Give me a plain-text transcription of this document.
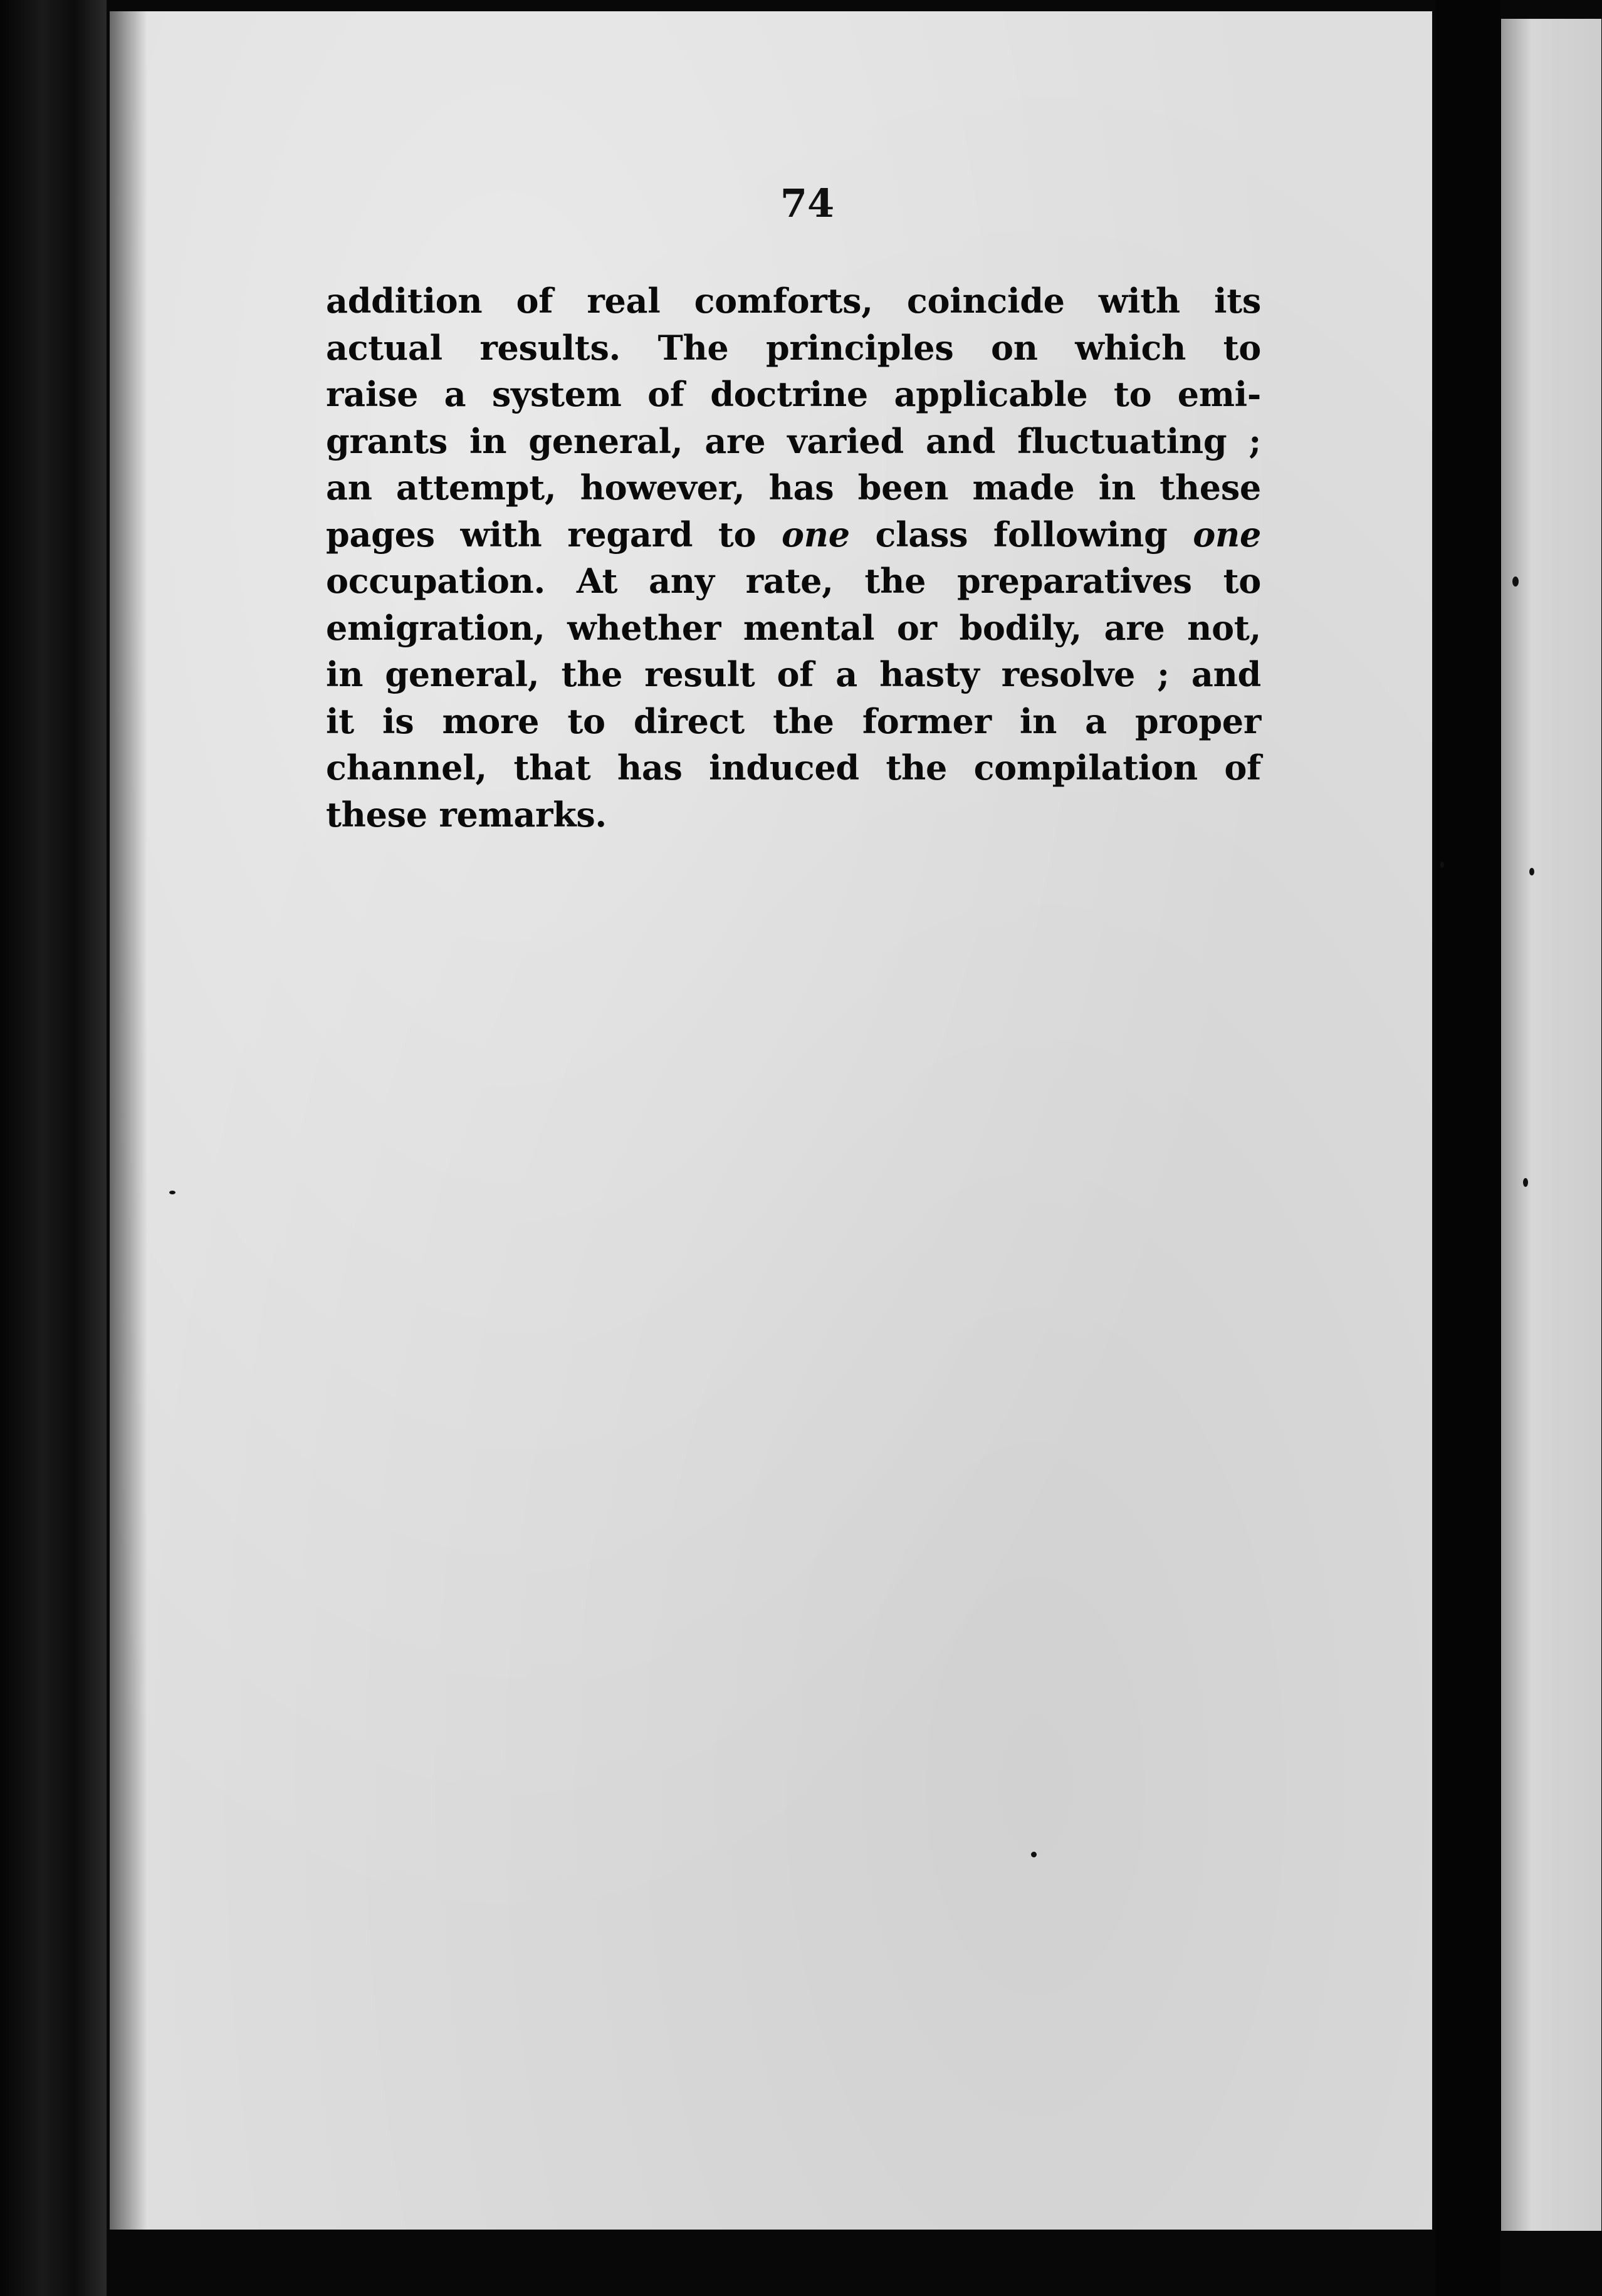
74
addition of real comforts, coincide with its
actual results. The principles on which to
raise a system of doctrine applicable to emi-
grants in general, are varied and fluctuating ;
an attempt, however, has been made in these
pages with regard to one class following one
occupation. At any rate, the preparatives to
emigration, whether mental or bodily, are not,
in general, the result of a hasty resolve ; and
it is more to direct the former in a proper
channel, that has induced the compilation of
these remarks.
